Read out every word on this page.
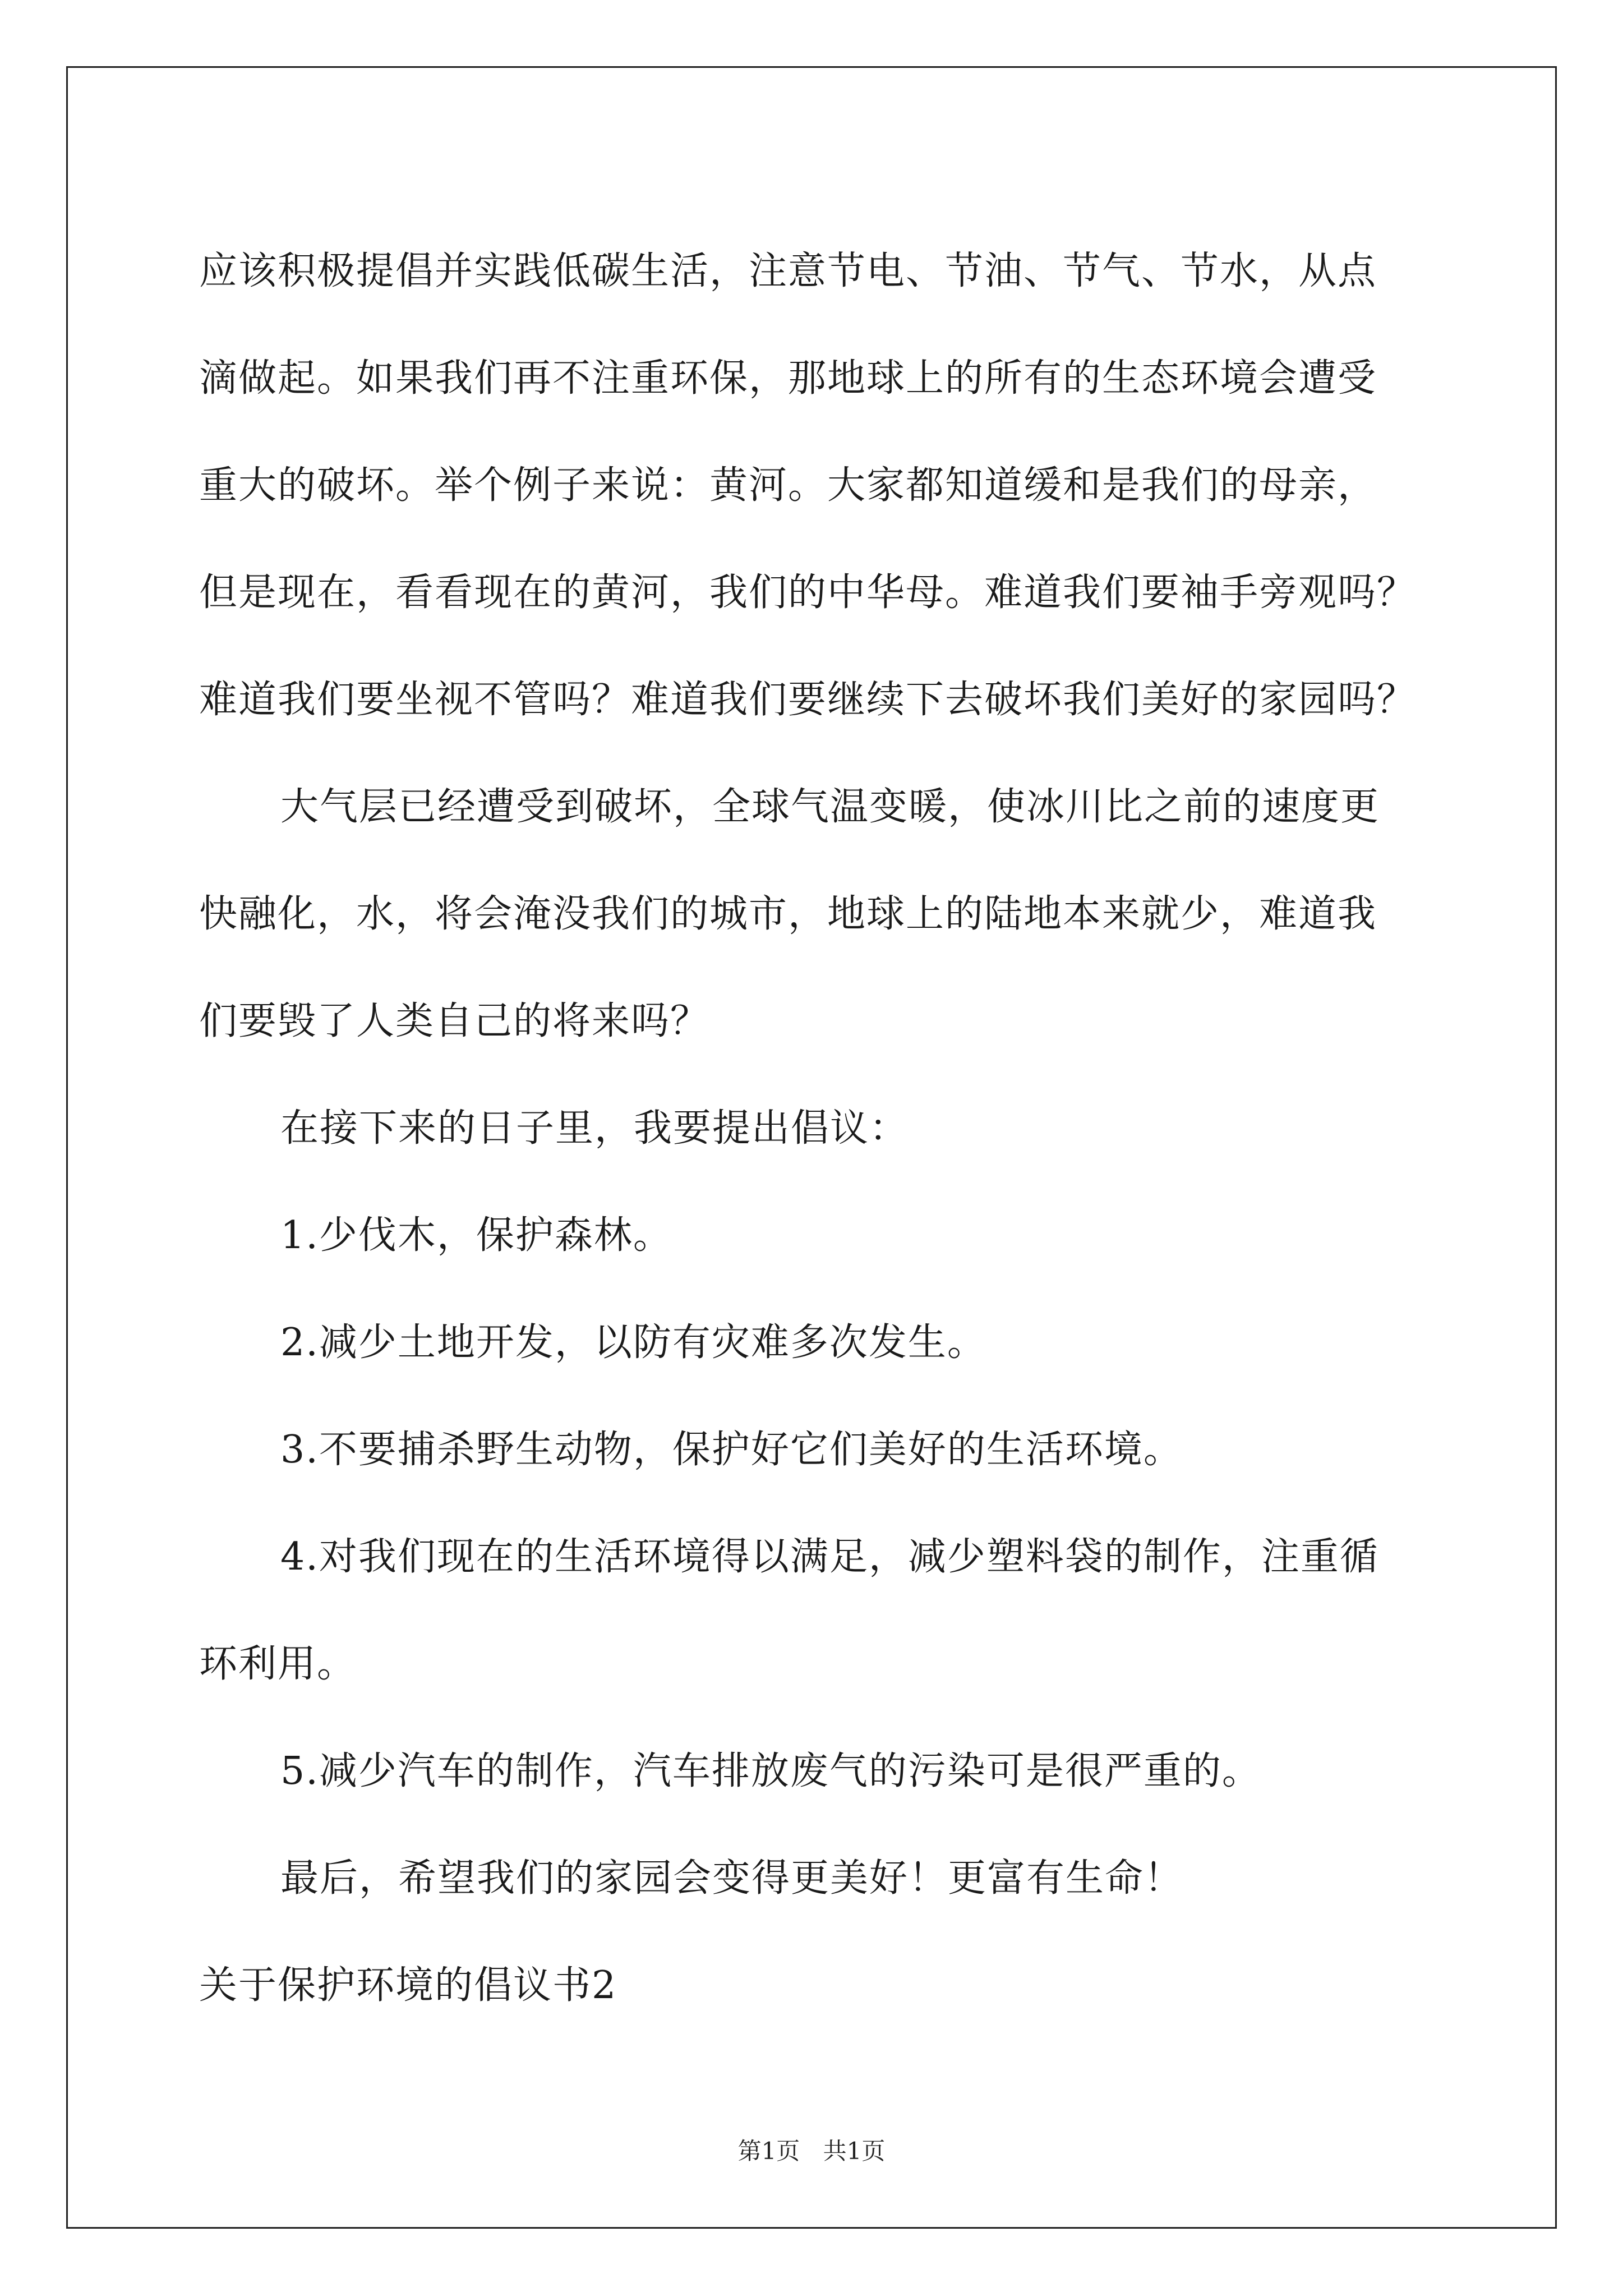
应该积极提倡并实践低碳生活，注意节电、节油、节气、节水，从点
滴做起。如果我们再不注重环保，那地球上的所有的生态环境会遭受
重大的破坏。举个例子来说：黄河。大家都知道缓和是我们的母亲，
但是现在，看看现在的黄河，我们的中华母。难道我们要袖手旁观吗？
难道我们要坐视不管吗？难道我们要继续下去破坏我们美好的家园吗？
大气层已经遭受到破坏，全球气温变暖，使冰川比之前的速度更
快融化，水，将会淹没我们的城市，地球上的陆地本来就少，难道我
们要毁了人类自己的将来吗？
在接下来的日子里，我要提出倡议：
1.少伐木，保护森林。
2.减少土地开发，以防有灾难多次发生。
3.不要捕杀野生动物，保护好它们美好的生活环境。
4.对我们现在的生活环境得以满足，减少塑料袋的制作，注重循
环利用。
5.减少汽车的制作，汽车排放废气的污染可是很严重的。
最后，希望我们的家园会变得更美好！更富有生命！
关于保护环境的倡议书2
第1页 共1页
